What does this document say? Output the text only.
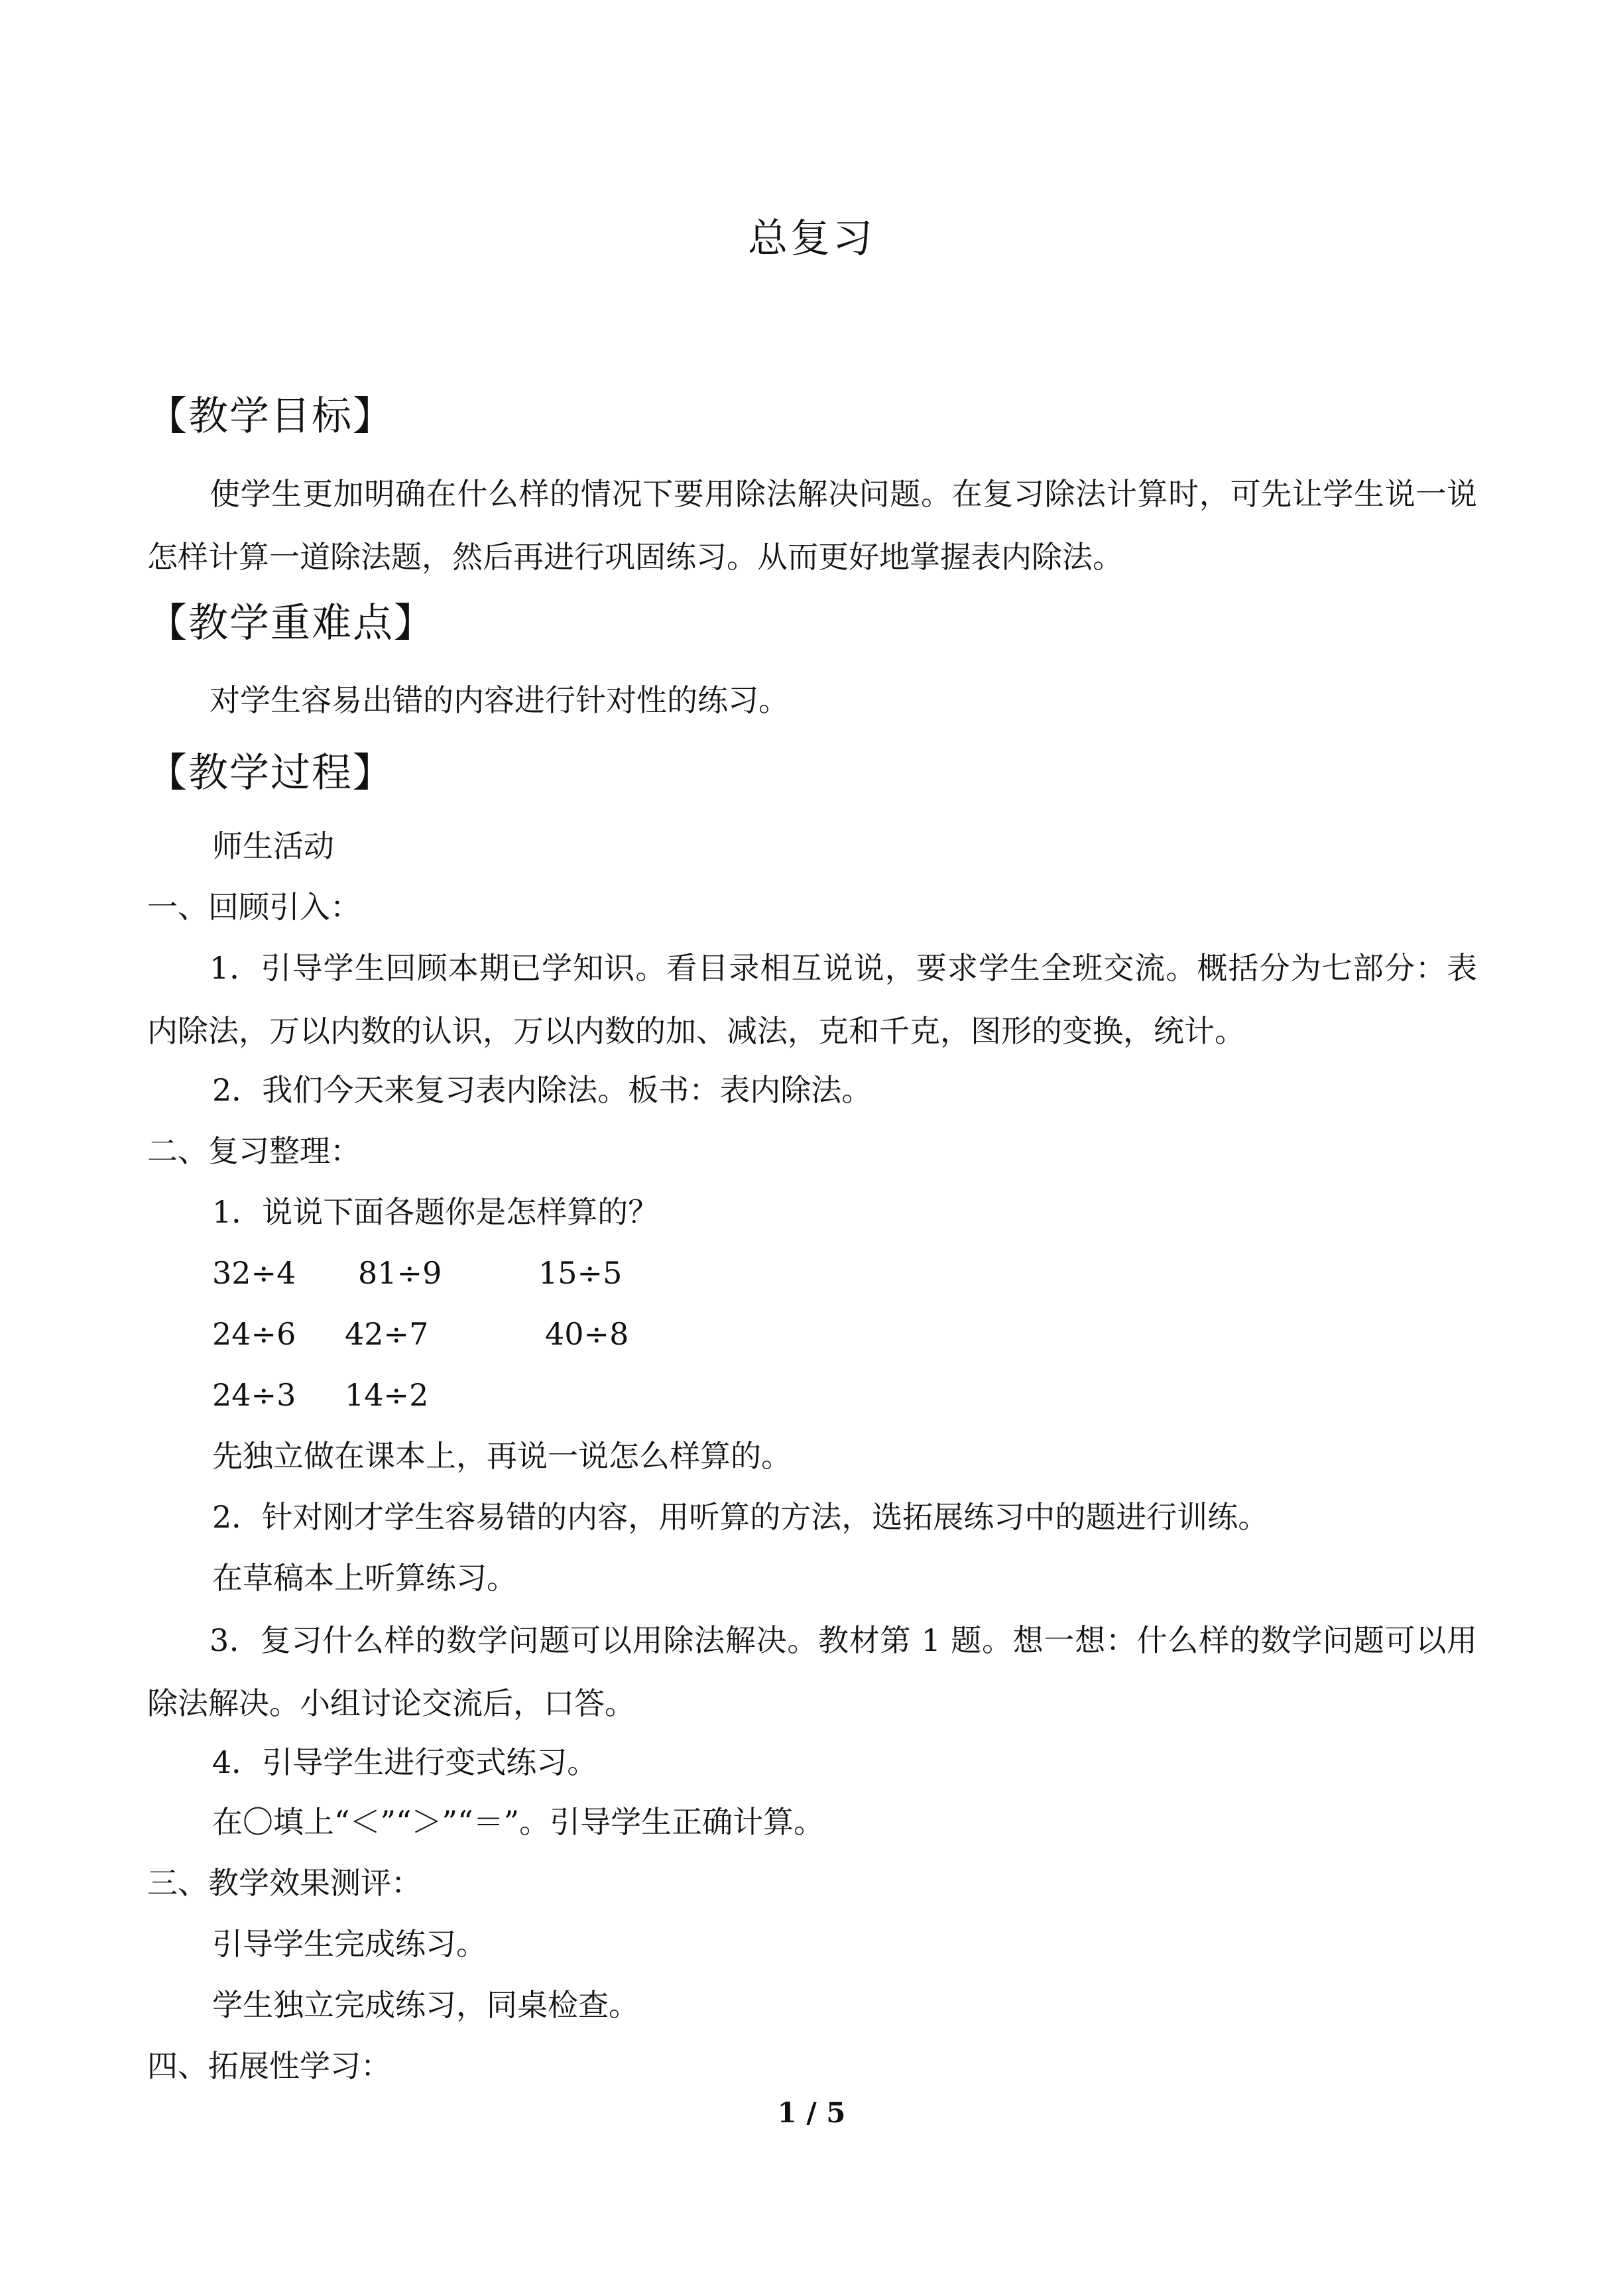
总复习
【教学目标】
使学生更加明确在什么样的情况下要用除法解决问题。在复习除法计算时，可先让学生说一说怎样计算一道除法题，然后再进行巩固练习。从而更好地掌握表内除法。
【教学重难点】
对学生容易出错的内容进行针对性的练习。
【教学过程】
师生活动
一、回顾引入：
1．引导学生回顾本期已学知识。看目录相互说说，要求学生全班交流。概括分为七部分：表内除法，万以内数的认识，万以内数的加、减法，克和千克，图形的变换，统计。
2．我们今天来复习表内除法。板书：表内除法。
二、复习整理：
1．说说下面各题你是怎样算的？
32÷4 81÷9	15÷5
24÷6 42÷7	40÷8
24÷3 14÷2
先独立做在课本上，再说一说怎么样算的。
2．针对刚才学生容易错的内容，用听算的方法，选拓展练习中的题进行训练。
在草稿本上听算练习。
3．复习什么样的数学问题可以用除法解决。教材第 1 题。想一想：什么样的数学问题可以用除法解决。小组讨论交流后，口答。
4．引导学生进行变式练习。
在〇填上“＜”“＞”“＝”。引导学生正确计算。
三、教学效果测评：
引导学生完成练习。
学生独立完成练习，同桌检查。
四、拓展性学习：
1 / 5
